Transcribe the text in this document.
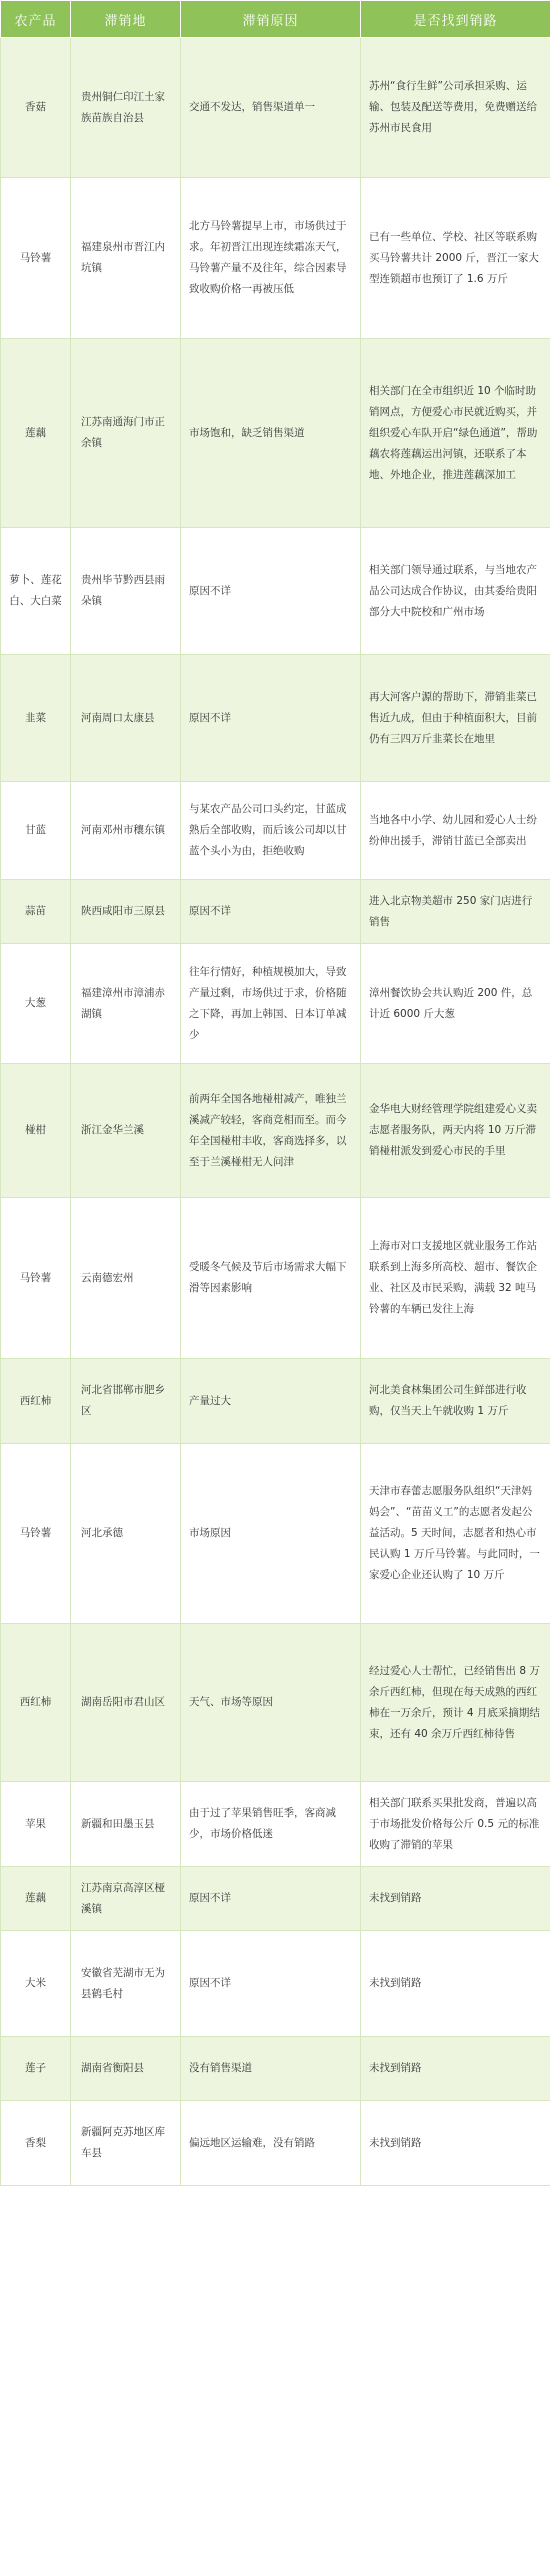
农产品	滞销地	滞销原因	是否找到销路
香菇	贵州铜仁印江土家族苗族自治县	交通不发达，销售渠道单一	苏州“食行生鲜”公司承担采购、运输、包装及配送等费用，免费赠送给苏州市民食用
马铃薯	福建泉州市晋江内坑镇	北方马铃薯提早上市，市场供过于求。年初晋江出现连续霜冻天气，马铃薯产量不及往年，综合因素导致收购价格一再被压低	已有一些单位、学校、社区等联系购买马铃薯共计 2000 斤，晋江一家大型连锁超市也预订了 1.6 万斤
莲藕	江苏南通海门市正余镇	市场饱和，缺乏销售渠道	相关部门在全市组织近 10 个临时助销网点，方便爱心市民就近购买，并组织爱心车队开启“绿色通道”，帮助藕农将莲藕运出河镇，还联系了本地、外地企业，推进莲藕深加工
萝卜、莲花白、大白菜	贵州毕节黔西县雨朵镇	原因不详	相关部门领导通过联系，与当地农产品公司达成合作协议，由其委给贵阳部分大中院校和广州市场
韭菜	河南周口太康县	原因不详	再大河客户源的帮助下，滞销韭菜已售近九成，但由于种植面积大，目前仍有三四万斤韭菜长在地里
甘蓝	河南邓州市穰东镇	与某农产品公司口头约定，甘蓝成熟后全部收购，而后该公司却以甘蓝个头小为由，拒绝收购	当地各中小学、幼儿园和爱心人士纷纷伸出援手，滞销甘蓝已全部卖出
蒜苗	陕西咸阳市三原县	原因不详	进入北京物美超市 250 家门店进行销售
大葱	福建漳州市漳浦赤湖镇	往年行情好，种植规模加大，导致产量过剩，市场供过于求，价格随之下降，再加上韩国、日本订单减少	漳州餐饮协会共认购近 200 件，总计近 6000 斤大葱
椪柑	浙江金华兰溪	前两年全国各地椪柑减产，唯独兰溪减产较轻，客商竞相而至。而今年全国椪柑丰收，客商选择多，以至于兰溪椪柑无人问津	金华电大财经管理学院组建爱心义卖志愿者服务队，两天内将 10 万斤滞销椪柑派发到爱心市民的手里
马铃薯	云南德宏州	受暖冬气候及节后市场需求大幅下滑等因素影响	上海市对口支援地区就业服务工作站联系到上海多所高校、超市、餐饮企业、社区及市民采购，满载 32 吨马铃薯的车辆已发往上海
西红柿	河北省邯郸市肥乡区	产量过大	河北美食林集团公司生鲜部进行收购，仅当天上午就收购 1 万斤
马铃薯	河北承德	市场原因	天津市春蕾志愿服务队组织“天津妈妈会”、“苗苗义工”的志愿者发起公益活动。5 天时间，志愿者和热心市民认购 1 万斤马铃薯。与此同时，一家爱心企业还认购了 10 万斤
西红柿	湖南岳阳市君山区	天气、市场等原因	经过爱心人士帮忙，已经销售出 8 万余斤西红柿，但现在每天成熟的西红柿在一万余斤，预计 4 月底采摘期结束，还有 40 余万斤西红柿待售
苹果	新疆和田墨玉县	由于过了苹果销售旺季，客商减少，市场价格低迷	相关部门联系买果批发商，普遍以高于市场批发价格每公斤 0.5 元的标准收购了滞销的苹果
莲藕	江苏南京高淳区桠溪镇	原因不详	未找到销路
大米	安徽省芜湖市无为县鹤毛村	原因不详	未找到销路
莲子	湖南省衡阳县	没有销售渠道	未找到销路
香梨	新疆阿克苏地区库车县	偏远地区运输难，没有销路	未找到销路
